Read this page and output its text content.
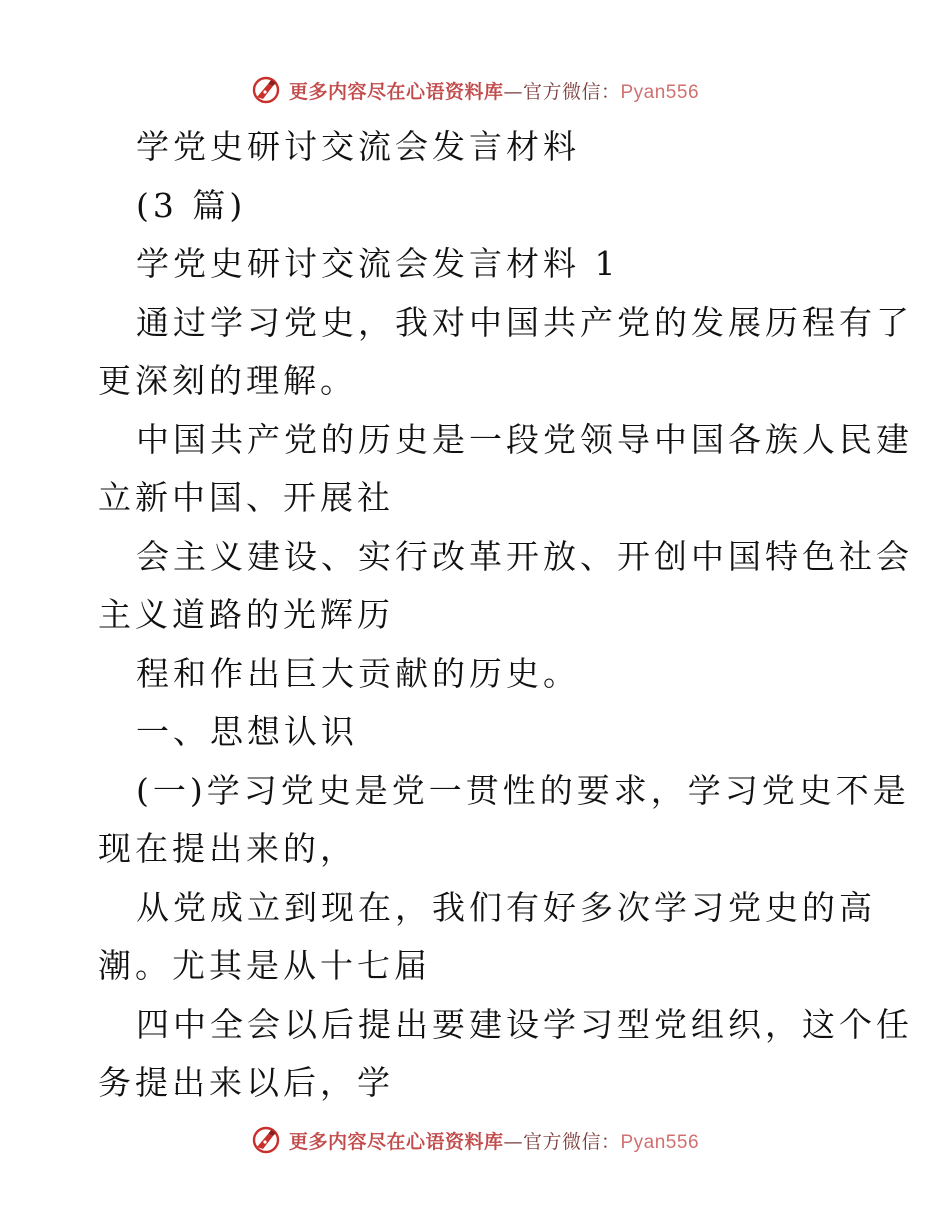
更多内容尽在心语资料库 — 官方微信： Pyan556
学党史研讨交流会发言材料
(3 篇)
学党史研讨交流会发言材料 1
通过学习党史，我对中国共产党的发展历程有了
更深刻的理解。
中国共产党的历史是一段党领导中国各族人民建
立新中国、开展社
会主义建设、实行改革开放、开创中国特色社会
主义道路的光辉历
程和作出巨大贡献的历史。
一、思想认识
(一)学习党史是党一贯性的要求，学习党史不是
现在提出来的，
从党成立到现在，我们有好多次学习党史的高
潮。尤其是从十七届
四中全会以后提出要建设学习型党组织，这个任
务提出来以后，学
更多内容尽在心语资料库 — 官方微信： Pyan556
